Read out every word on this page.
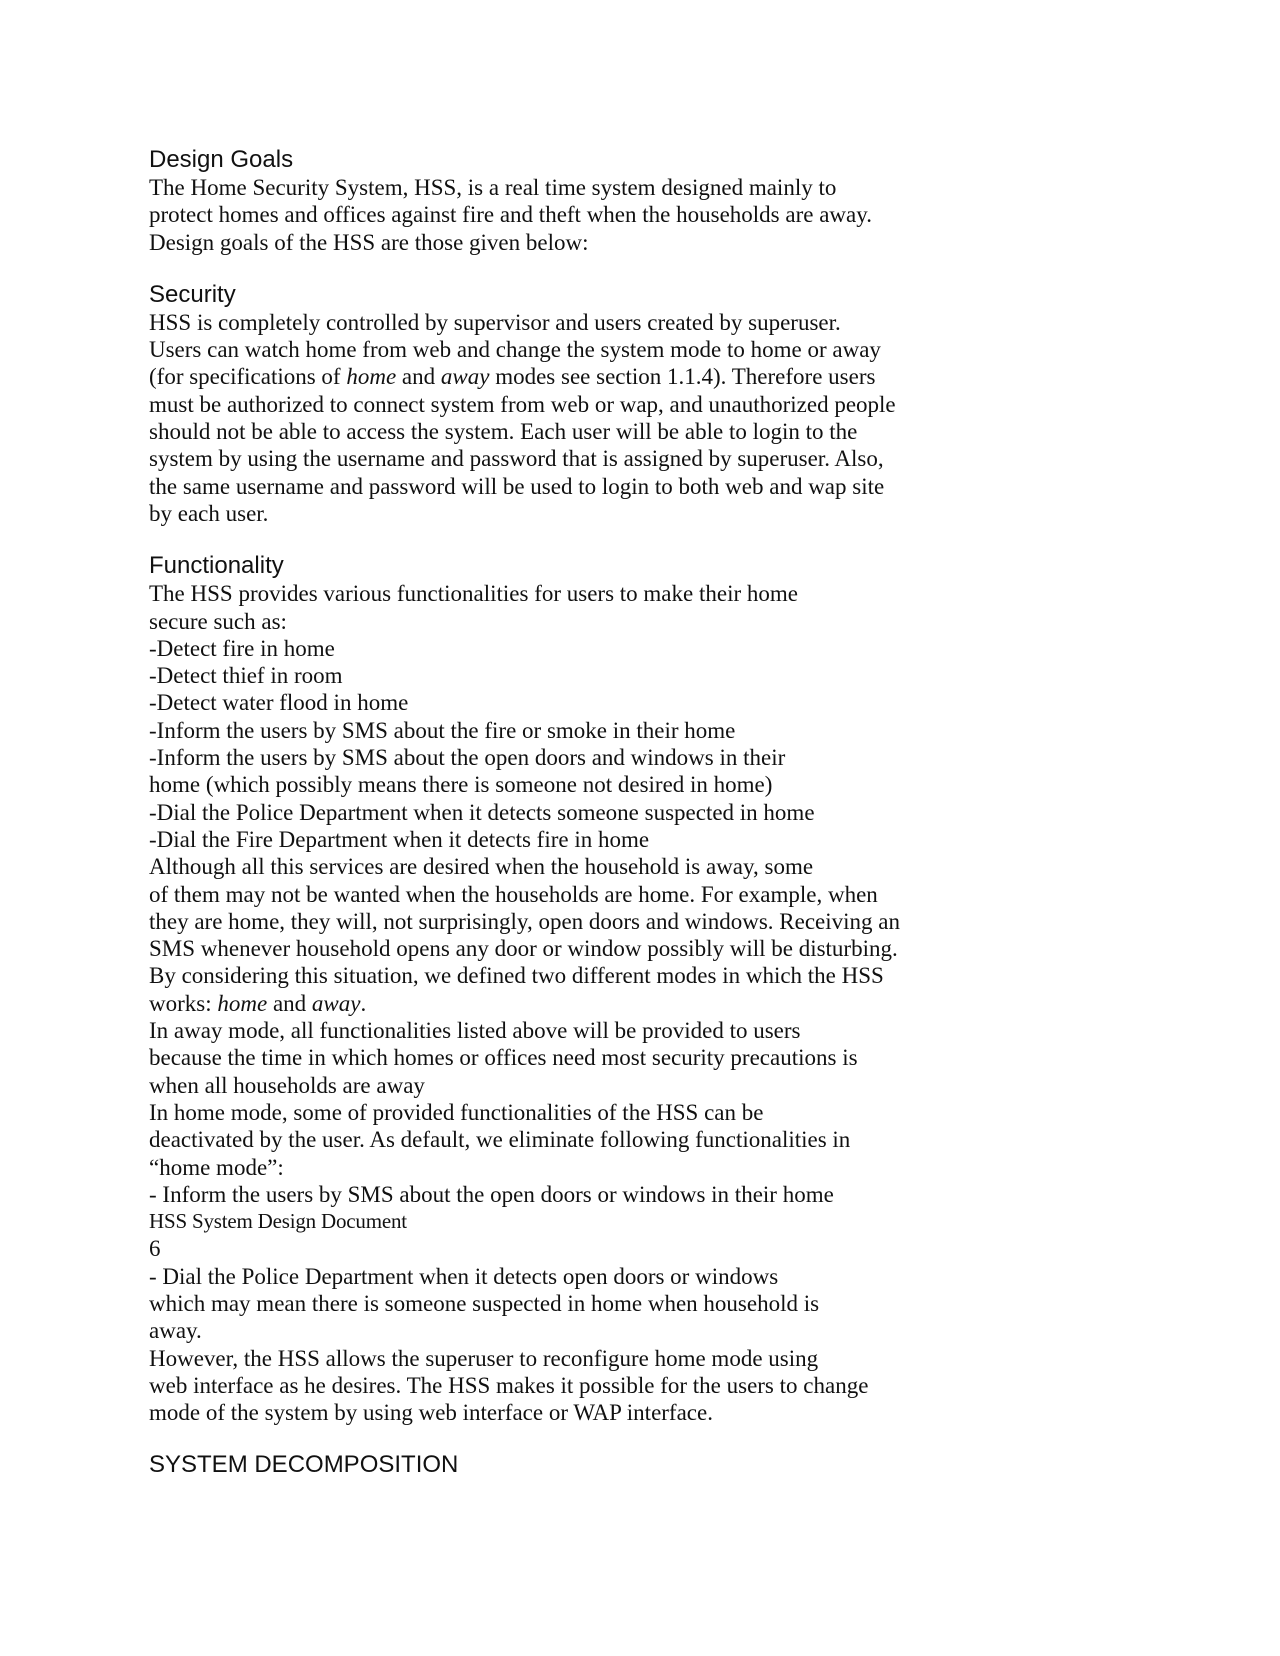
Design Goals

The Home Security System, HSS, is a real time system designed mainly to
protect homes and offices against fire and theft when the households are away.
Design goals of the HSS are those given below:

Security

HSS is completely controlled by supervisor and users created by superuser.
Users can watch home from web and change the system mode to home or away
(for specifications of home and away modes see section 1.1.4). Therefore users
must be authorized to connect system from web or wap, and unauthorized people
should not be able to access the system. Each user will be able to login to the
system by using the username and password that is assigned by superuser. Also,
the same username and password will be used to login to both web and wap site
by each user.

Functionality

The HSS provides various functionalities for users to make their home
secure such as:
-Detect fire in home
-Detect thief in room
-Detect water flood in home
-Inform the users by SMS about the fire or smoke in their home
-Inform the users by SMS about the open doors and windows in their
home (which possibly means there is someone not desired in home)
-Dial the Police Department when it detects someone suspected in home
-Dial the Fire Department when it detects fire in home
Although all this services are desired when the household is away, some
of them may not be wanted when the households are home. For example, when
they are home, they will, not surprisingly, open doors and windows. Receiving an
SMS whenever household opens any door or window possibly will be disturbing.
By considering this situation, we defined two different modes in which the HSS
works: home and away.
In away mode, all functionalities listed above will be provided to users
because the time in which homes or offices need most security precautions is
when all households are away
In home mode, some of provided functionalities of the HSS can be
deactivated by the user. As default, we eliminate following functionalities in
“home mode”:
- Inform the users by SMS about the open doors or windows in their home
HSS System Design Document
6
- Dial the Police Department when it detects open doors or windows
which may mean there is someone suspected in home when household is
away.
However, the HSS allows the superuser to reconfigure home mode using
web interface as he desires. The HSS makes it possible for the users to change
mode of the system by using web interface or WAP interface.

SYSTEM DECOMPOSITION
